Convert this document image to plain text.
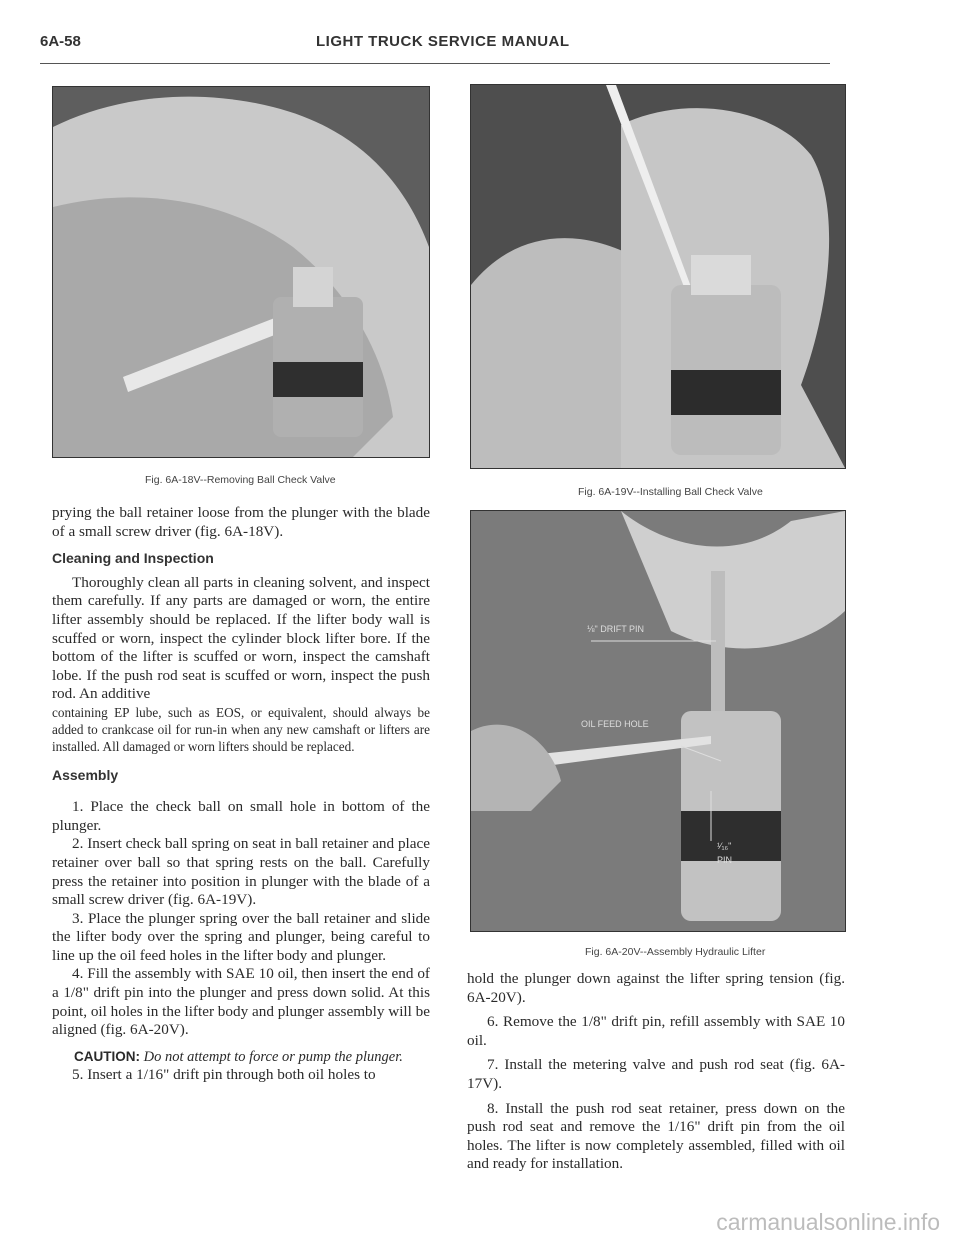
6A-58	LIGHT TRUCK SERVICE MANUAL
Fig. 6A-18V--Removing Ball Check Valve
Fig. 6A-19V--Installing Ball Check Valve
⅛" DRIFT PIN
OIL FEED HOLE
¹⁄₁₆"
PIN
Fig. 6A-20V--Assembly Hydraulic Lifter

prying the ball retainer loose from the plunger with the blade of a small screw driver (fig. 6A-18V).

Cleaning and Inspection

Thoroughly clean all parts in cleaning solvent, and inspect them carefully. If any parts are damaged or worn, the entire lifter assembly should be replaced. If the lifter body wall is scuffed or worn, inspect the cylinder block lifter bore. If the bottom of the lifter is scuffed or worn, inspect the camshaft lobe. If the push rod seat is scuffed or worn, inspect the push rod. An additive

containing EP lube, such as EOS, or equivalent, should always be added to crankcase oil for run-in when any new camshaft or lifters are installed. All damaged or worn lifters should be replaced.

Assembly

1. Place the check ball on small hole in bottom of the plunger.

2. Insert check ball spring on seat in ball retainer and place retainer over ball so that spring rests on the ball. Carefully press the retainer into position in plunger with the blade of a small screw driver (fig. 6A-19V).

3. Place the plunger spring over the ball retainer and slide the lifter body over the spring and plunger, being careful to line up the oil feed holes in the lifter body and plunger.

4. Fill the assembly with SAE 10 oil, then insert the end of a 1/8" drift pin into the plunger and press down solid. At this point, oil holes in the lifter body and plunger assembly will be aligned (fig. 6A-20V).

CAUTION: Do not attempt to force or pump the plunger.

5. Insert a 1/16" drift pin through both oil holes to

hold the plunger down against the lifter spring tension (fig. 6A-20V).

6. Remove the 1/8" drift pin, refill assembly with SAE 10 oil.

7. Install the metering valve and push rod seat (fig. 6A-17V).

8. Install the push rod seat retainer, press down on the push rod seat and remove the 1/16" drift pin from the oil holes. The lifter is now completely assembled, filled with oil and ready for installation.

carmanualsonline.info
